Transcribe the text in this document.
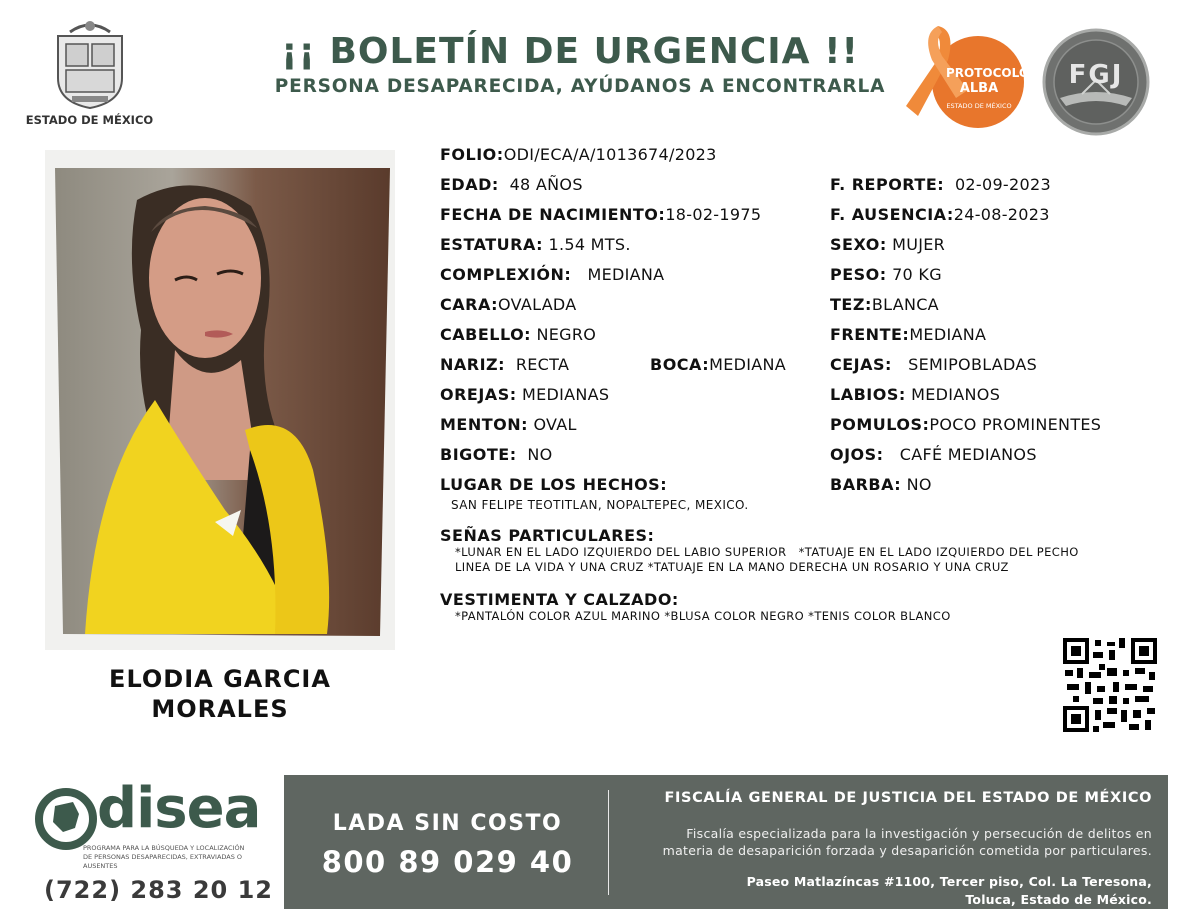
ESTADO DE MÉXICO
¡¡ BOLETÍN DE URGENCIA !!
PERSONA DESAPARECIDA, AYÚDANOS A ENCONTRARLA
PROTOCOLO
ALBA
ESTADO DE MÉXICO
FGJ
ELODIA GARCIA
MORALES
FOLIO:ODI/ECA/A/1013674/2023
EDAD: 48 AÑOS
FECHA DE NACIMIENTO:18-02-1975
ESTATURA: 1.54 MTS.
COMPLEXIÓN: MEDIANA
CARA:OVALADA
CABELLO: NEGRO
NARIZ: RECTA	BOCA:MEDIANA
OREJAS: MEDIANAS
MENTON: OVAL
BIGOTE: NO
LUGAR DE LOS HECHOS:
SAN FELIPE TEOTITLAN, NOPALTEPEC, MEXICO.
F. REPORTE: 02-09-2023
F. AUSENCIA:24-08-2023
SEXO: MUJER
PESO: 70 KG
TEZ:BLANCA
FRENTE:MEDIANA
CEJAS: SEMIPOBLADAS
LABIOS: MEDIANOS
POMULOS:POCO PROMINENTES
OJOS: CAFÉ MEDIANOS
BARBA: NO
SEÑAS PARTICULARES:
*LUNAR EN EL LADO IZQUIERDO DEL LABIO SUPERIOR   *TATUAJE EN EL LADO IZQUIERDO DEL PECHO
LINEA DE LA VIDA Y UNA CRUZ *TATUAJE EN LA MANO DERECHA UN ROSARIO Y UNA CRUZ
VESTIMENTA Y CALZADO:
*PANTALÓN COLOR AZUL MARINO *BLUSA COLOR NEGRO *TENIS COLOR BLANCO
disea
PROGRAMA PARA LA BÚSQUEDA Y LOCALIZACIÓN
DE PERSONAS DESAPARECIDAS, EXTRAVIADAS O
AUSENTES
(722) 283 20 12
LADA SIN COSTO
800 89 029 40
FISCALÍA GENERAL DE JUSTICIA DEL ESTADO DE MÉXICO
Fiscalía especializada para la investigación y persecución de delitos en
materia de desaparición forzada y desaparición cometida por particulares.
Paseo Matlazíncas #1100, Tercer piso, Col. La Teresona,
Toluca, Estado de México.
